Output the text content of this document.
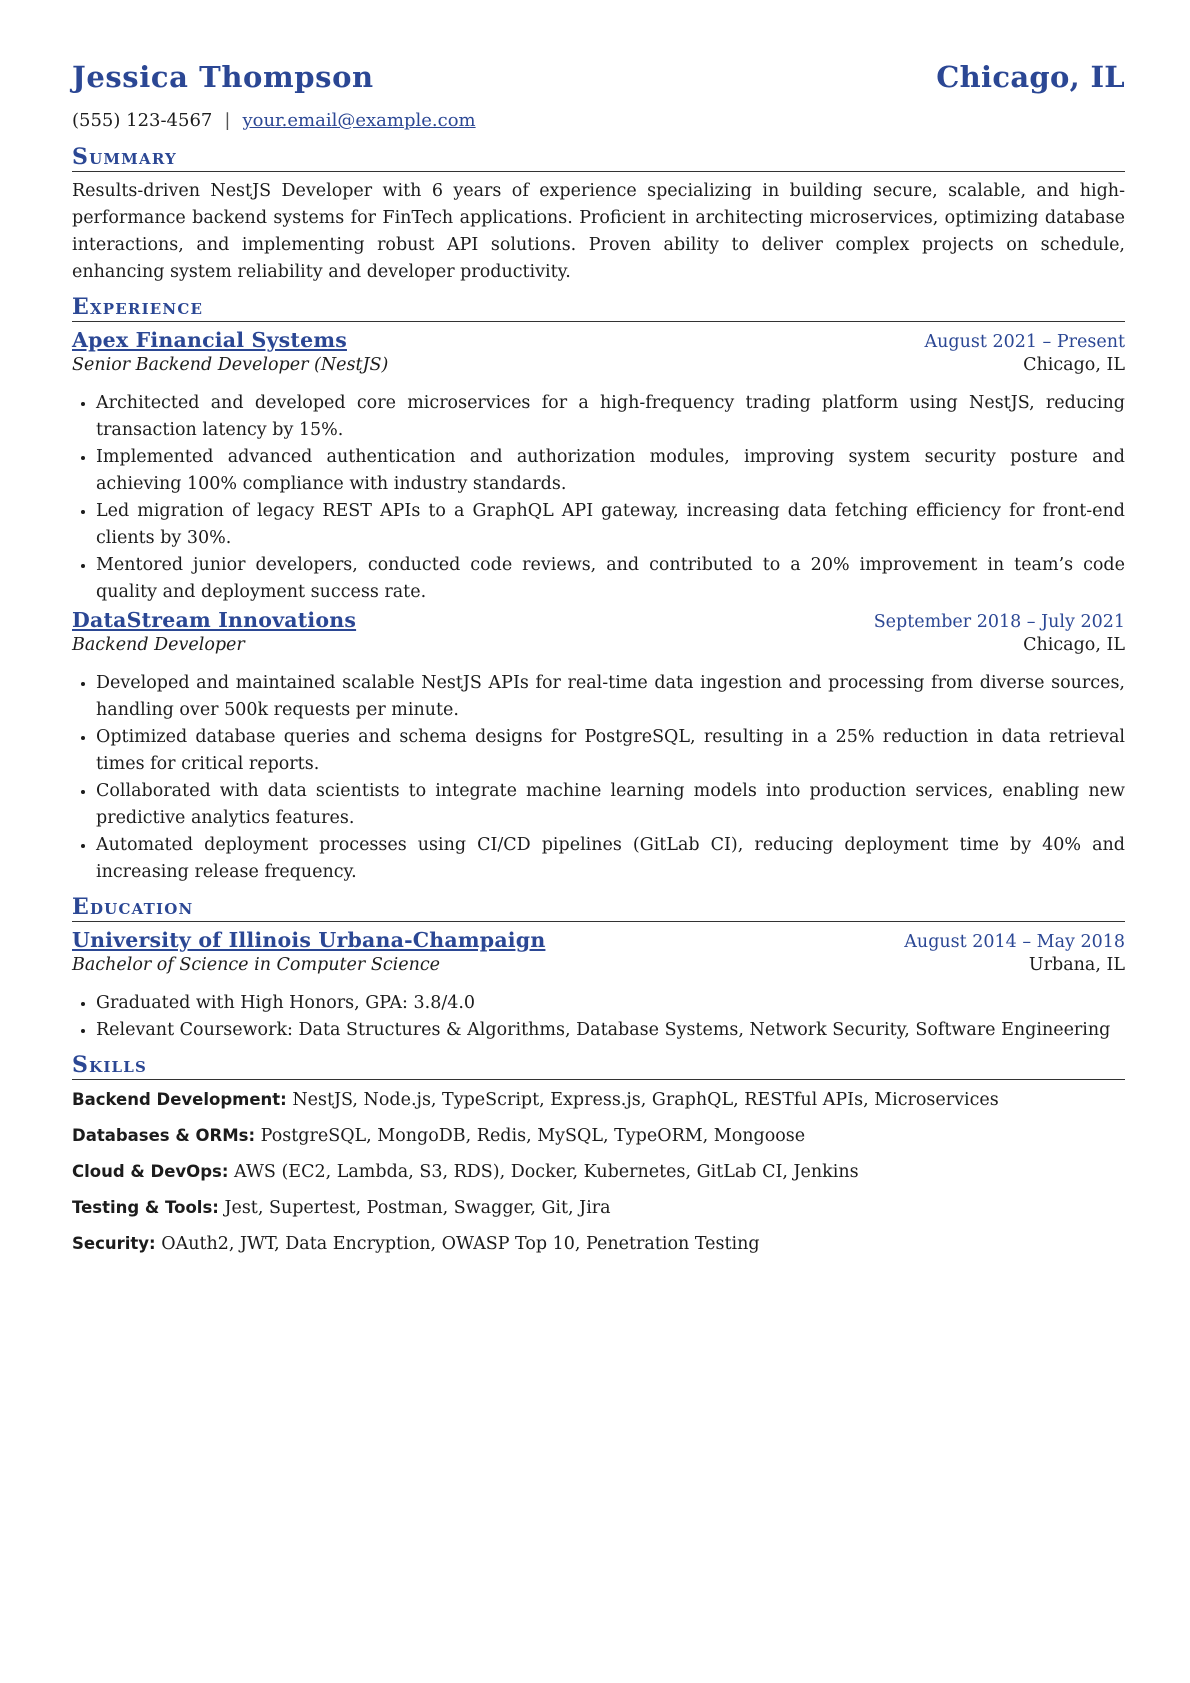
Jessica Thompson	Chicago, IL
(555) 123-4567 | your.email@example.com
Summary
Results-driven NestJS Developer with 6 years of experience specializing in building secure, scalable, and high-performance backend systems for FinTech applications. Proficient in architecting microservices, optimizing database interactions, and implementing robust API solutions. Proven ability to deliver complex projects on schedule, enhancing system reliability and developer productivity.
Experience
Apex Financial Systems	August 2021 – Present
Senior Backend Developer (NestJS)	Chicago, IL
• Architected and developed core microservices for a high-frequency trading platform using NestJS, reducing transaction latency by 15%.
• Implemented advanced authentication and authorization modules, improving system security posture and achieving 100% compliance with industry standards.
• Led migration of legacy REST APIs to a GraphQL API gateway, increasing data fetching efficiency for front-end clients by 30%.
• Mentored junior developers, conducted code reviews, and contributed to a 20% improvement in team’s code quality and deployment success rate.
DataStream Innovations	September 2018 – July 2021
Backend Developer	Chicago, IL
• Developed and maintained scalable NestJS APIs for real-time data ingestion and processing from diverse sources, handling over 500k requests per minute.
• Optimized database queries and schema designs for PostgreSQL, resulting in a 25% reduction in data retrieval times for critical reports.
• Collaborated with data scientists to integrate machine learning models into production services, enabling new predictive analytics features.
• Automated deployment processes using CI/CD pipelines (GitLab CI), reducing deployment time by 40% and increasing release frequency.
Education
University of Illinois Urbana-Champaign	August 2014 – May 2018
Bachelor of Science in Computer Science	Urbana, IL
• Graduated with High Honors, GPA: 3.8/4.0
• Relevant Coursework: Data Structures & Algorithms, Database Systems, Network Security, Software Engineering
Skills
Backend Development: NestJS, Node.js, TypeScript, Express.js, GraphQL, RESTful APIs, Microservices
Databases & ORMs: PostgreSQL, MongoDB, Redis, MySQL, TypeORM, Mongoose
Cloud & DevOps: AWS (EC2, Lambda, S3, RDS), Docker, Kubernetes, GitLab CI, Jenkins
Testing & Tools: Jest, Supertest, Postman, Swagger, Git, Jira
Security: OAuth2, JWT, Data Encryption, OWASP Top 10, Penetration Testing
